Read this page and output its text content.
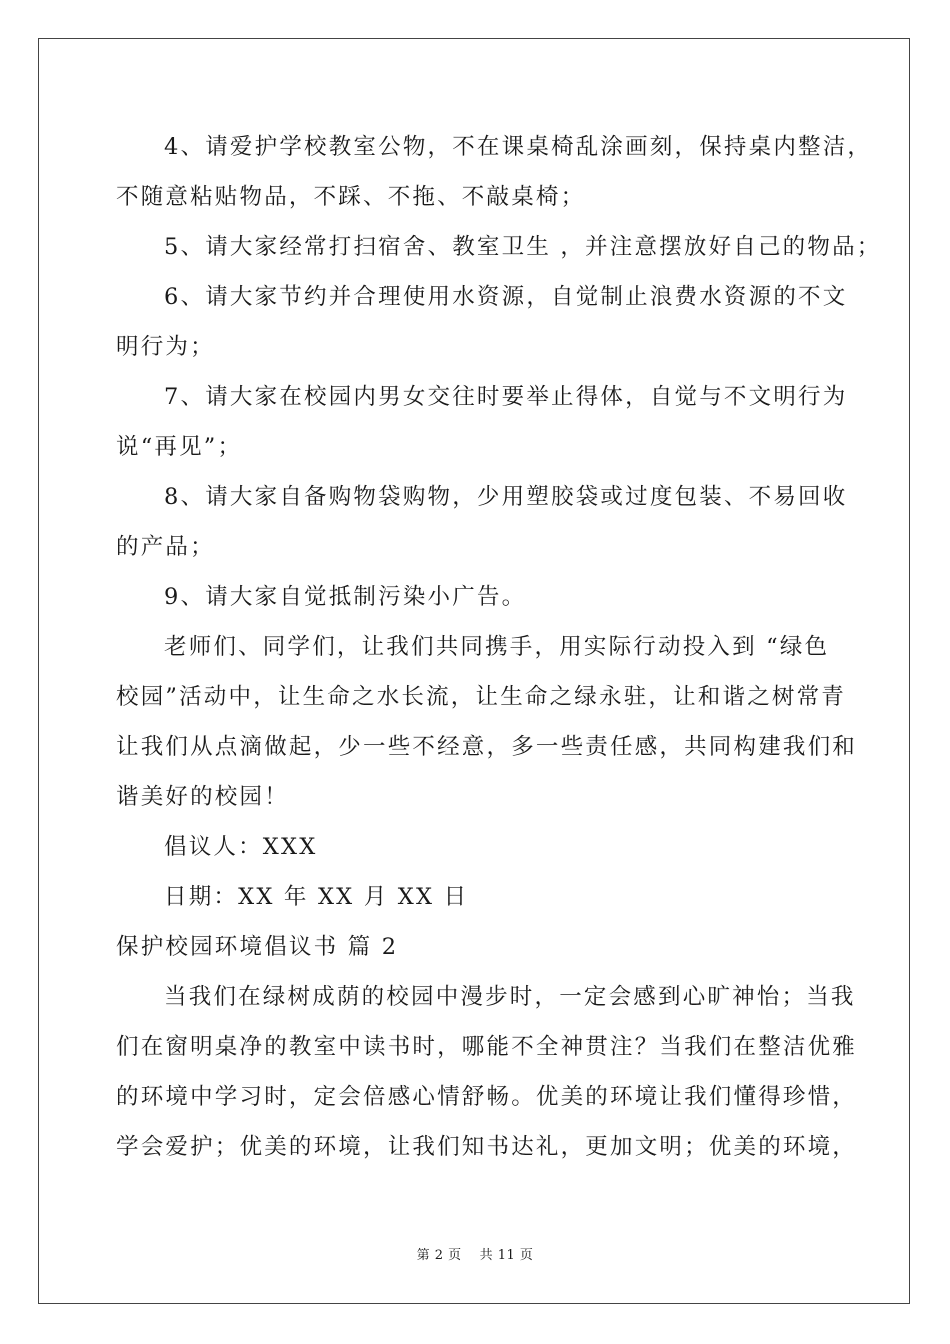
4、请爱护学校教室公物，不在课桌椅乱涂画刻，保持桌内整洁，
不随意粘贴物品，不踩、不拖、不敲桌椅；
5、请大家经常打扫宿舍、教室卫生 ，并注意摆放好自己的物品；
6、请大家节约并合理使用水资源，自觉制止浪费水资源的不文
明行为；
7、请大家在校园内男女交往时要举止得体，自觉与不文明行为
说“再见”；
8、请大家自备购物袋购物，少用塑胶袋或过度包装、不易回收
的产品；
9、请大家自觉抵制污染小广告。
老师们、同学们，让我们共同携手，用实际行动投入到 “绿色
校园”活动中，让生命之水长流，让生命之绿永驻，让和谐之树常青
让我们从点滴做起，少一些不经意，多一些责任感，共同构建我们和
谐美好的校园！
倡议人：XXX
日期：XX 年 XX 月 XX 日
保护校园环境倡议书 篇 2
当我们在绿树成荫的校园中漫步时，一定会感到心旷神怡；当我
们在窗明桌净的教室中读书时，哪能不全神贯注？当我们在整洁优雅
的环境中学习时，定会倍感心情舒畅。优美的环境让我们懂得珍惜，
学会爱护；优美的环境，让我们知书达礼，更加文明；优美的环境，
第 2 页 共 11 页
